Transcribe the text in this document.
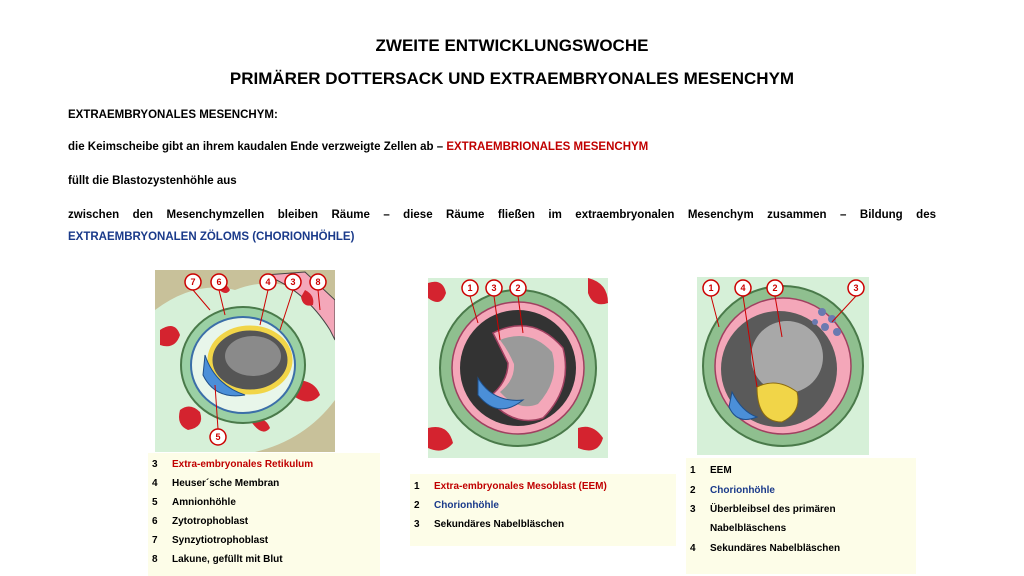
ZWEITE ENTWICKLUNGSWOCHE
PRIMÄRER DOTTERSACK UND EXTRAEMBRYONALES MESENCHYM
EXTRAEMBRYONALES MESENCHYM:
die Keimscheibe gibt an ihrem kaudalen Ende verzweigte Zellen ab – EXTRAEMBRIONALES MESENCHYM
füllt die Blastozystenhöhle aus
zwischen den Mesenchymzellen bleiben Räume – diese Räume fließen im extraembryonalen Mesenchym zusammen – Bildung des
EXTRAEMBRYONALEN ZÖLOMS (CHORIONHÖHLE)
7 6	4 3 8
5
1 3 2	1	4	2	3
3 Extra-embryonales Retikulum
4 Heuser´sche Membran
5 Amnionhöhle
6 Zytotrophoblast
7 Synzytiotrophoblast
8 Lakune, gefüllt mit Blut
1 Extra-embryonales Mesoblast (EEM)
2 Chorionhöhle
3 Sekundäres Nabelbläschen
1 EEM
2 Chorionhöhle
3 Überbleibsel des primären
Nabelbläschens
4 Sekundäres Nabelbläschen
